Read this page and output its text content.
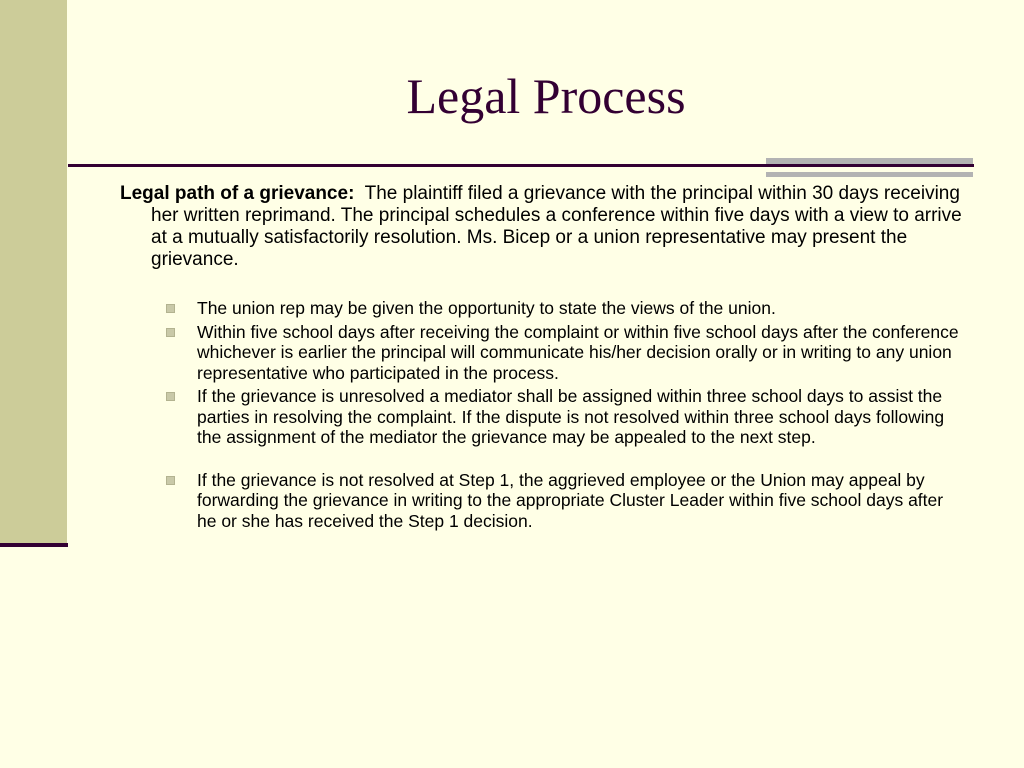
Legal Process

Legal path of a grievance: The plaintiff filed a grievance with the principal within 30 days receiving her written reprimand. The principal schedules a conference within five days with a view to arrive at a mutually satisfactorily resolution. Ms. Bicep or a union representative may present the grievance.

The union rep may be given the opportunity to state the views of the union.
Within five school days after receiving the complaint or within five school days after the conference whichever is earlier the principal will communicate his/her decision orally or in writing to any union representative who participated in the process.
If the grievance is unresolved a mediator shall be assigned within three school days to assist the parties in resolving the complaint. If the dispute is not resolved within three school days following the assignment of the mediator the grievance may be appealed to the next step.
If the grievance is not resolved at Step 1, the aggrieved employee or the Union may appeal by forwarding the grievance in writing to the appropriate Cluster Leader within five school days after he or she has received the Step 1 decision.
